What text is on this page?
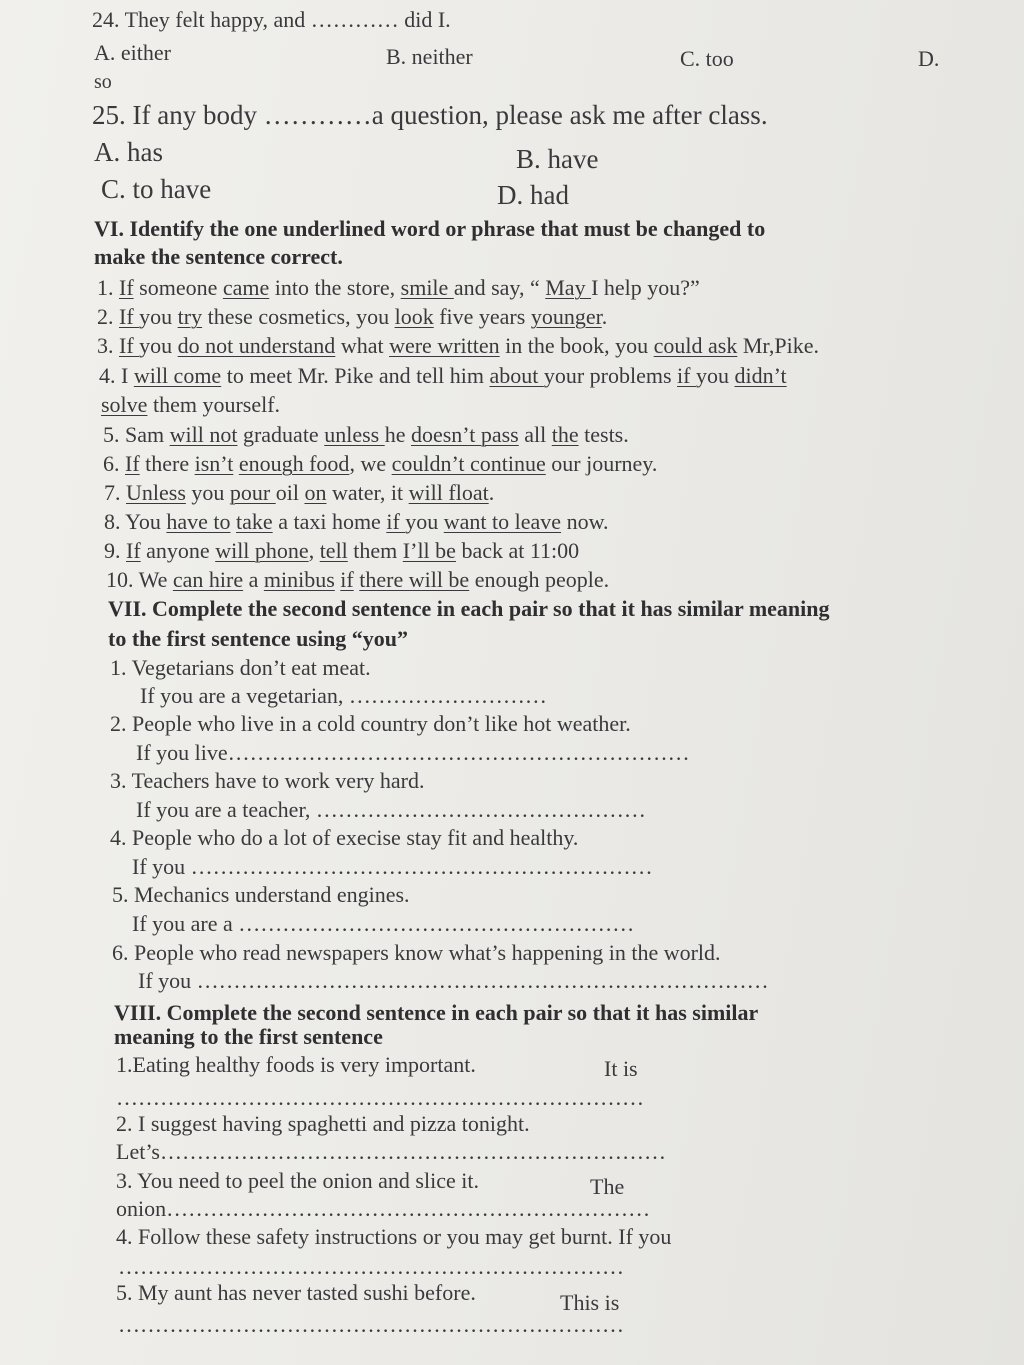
24. They felt happy, and ………… did I.
A. either	B. neither	C. too	D.
so
25. If any body …………a question, please ask me after class.
A. has	B. have
C. to have	D. had
VI. Identify the one underlined word or phrase that must be changed to
make the sentence correct.
1. If someone came into the store, smile and say, “ May I help you?”
2. If you try these cosmetics, you look five years younger.
3. If you do not understand what were written in the book, you could ask Mr,Pike.
4. I will come to meet Mr. Pike and tell him about your problems if you didn’t
solve them yourself.
5. Sam will not graduate unless he doesn’t pass all the tests.
6. If there isn’t enough food, we couldn’t continue our journey.
7. Unless you pour oil on water, it will float.
8. You have to take a taxi home if you want to leave now.
9. If anyone will phone, tell them I’ll be back at 11:00
10. We can hire a minibus if there will be enough people.
VII. Complete the second sentence in each pair so that it has similar meaning
to the first sentence using “you”
1. Vegetarians don’t eat meat.
If you are a vegetarian, ………………………
2. People who live in a cold country don’t like hot weather.
If you live………………………………………………………
3. Teachers have to work very hard.
If you are a teacher, ………………………………………
4. People who do a lot of execise stay fit and healthy.
If you ………………………………………………………
5. Mechanics understand engines.
If you are a ………………………………………………
6. People who read newspapers know what’s happening in the world.
If you ……………………………………………………………………
VIII. Complete the second sentence in each pair so that it has similar
meaning to the first sentence
1.Eating healthy foods is very important.	It is
………………………………………………………………
2. I suggest having spaghetti and pizza tonight.
Let’s……………………………………………………………
3. You need to peel the onion and slice it.	The
onion…………………………………………………………
4. Follow these safety instructions or you may get burnt. If you
……………………………………………………………
5. My aunt has never tasted sushi before.	This is
……………………………………………………………
